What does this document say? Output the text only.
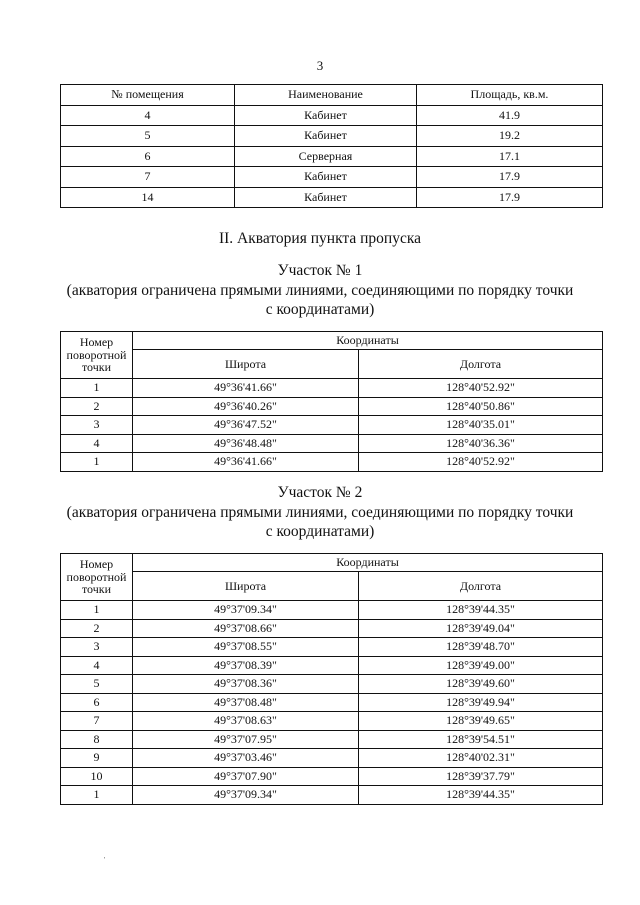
3
№ помещения	Наименование	Площадь, кв.м.
4	Кабинет	41.9
5	Кабинет	19.2
6	Серверная	17.1
7	Кабинет	17.9
14	Кабинет	17.9
II. Акватория пункта пропуска
Участок № 1
(акватория ограничена прямыми линиями, соединяющими по порядку точки
с координатами)
Номер поворотной точки	Координаты	
	Широта	Долгота
1	49°36'41.66"	128°40'52.92"
2	49°36'40.26"	128°40'50.86"
3	49°36'47.52"	128°40'35.01"
4	49°36'48.48"	128°40'36.36"
1	49°36'41.66"	128°40'52.92"
Участок № 2
(акватория ограничена прямыми линиями, соединяющими по порядку точки
с координатами)
Номер поворотной точки	Координаты	
	Широта	Долгота
1	49°37'09.34"	128°39'44.35"
2	49°37'08.66"	128°39'49.04"
3	49°37'08.55"	128°39'48.70"
4	49°37'08.39"	128°39'49.00"
5	49°37'08.36"	128°39'49.60"
6	49°37'08.48"	128°39'49.94"
7	49°37'08.63"	128°39'49.65"
8	49°37'07.95"	128°39'54.51"
9	49°37'03.46"	128°40'02.31"
10	49°37'07.90"	128°39'37.79"
1	49°37'09.34"	128°39'44.35"
'
